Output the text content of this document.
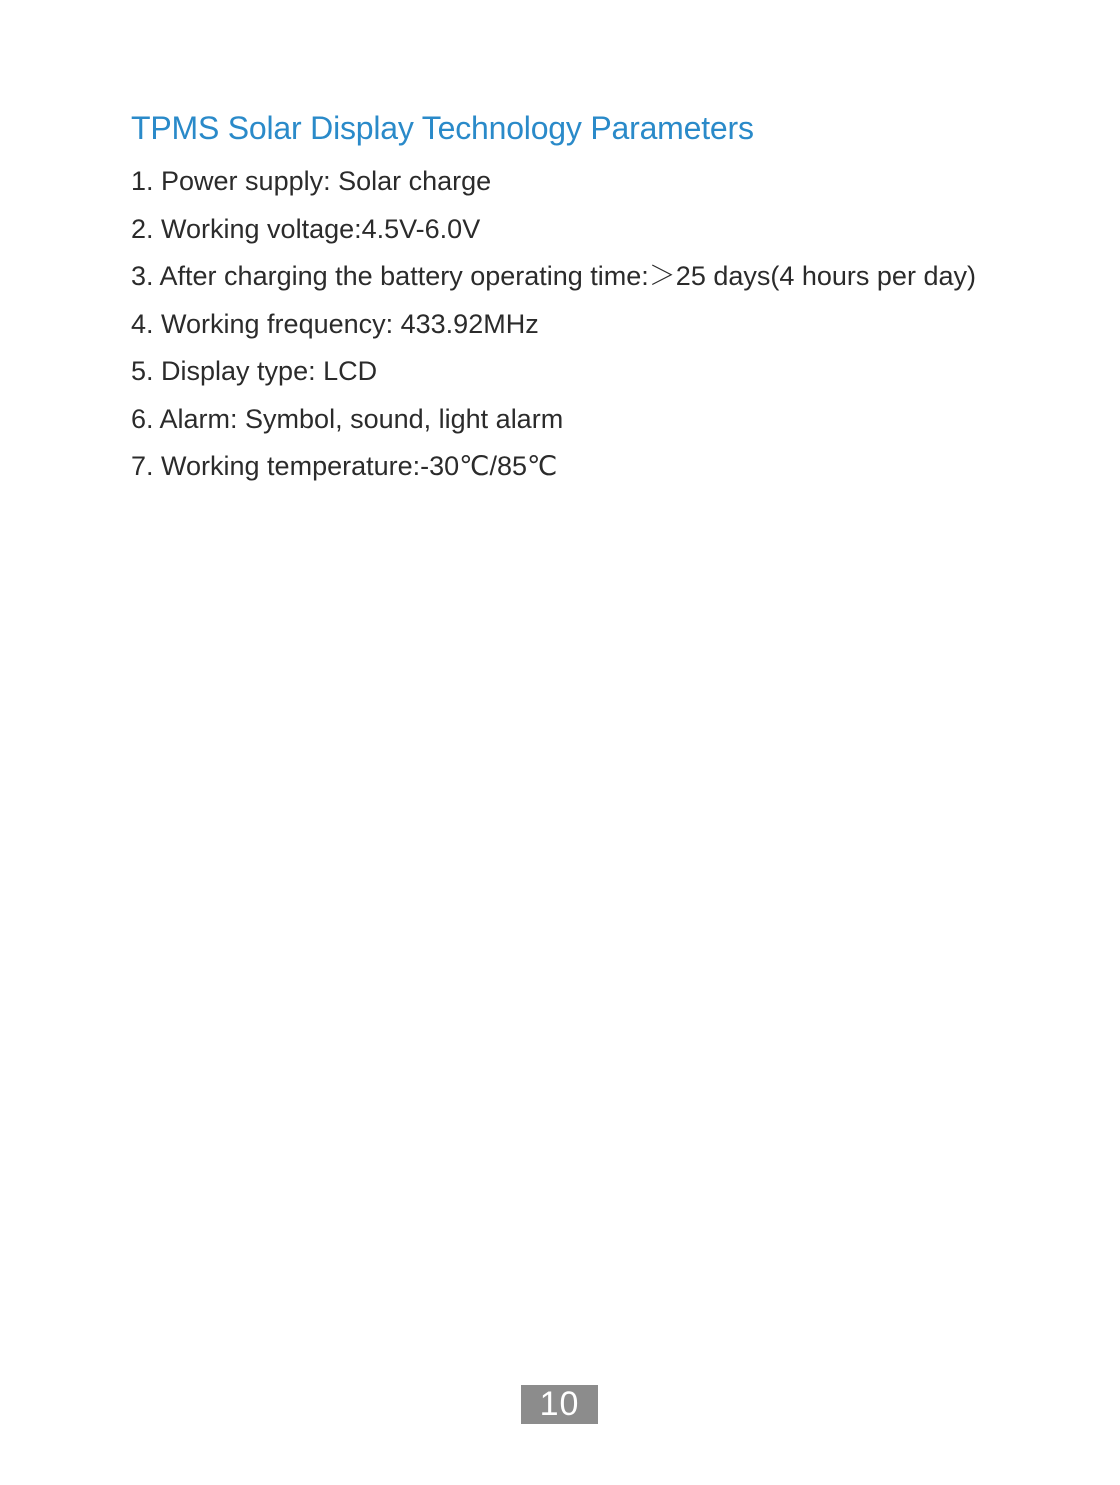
TPMS Solar Display Technology Parameters
1. Power supply: Solar charge
2. Working voltage:4.5V-6.0V
3. After charging the battery operating time:＞25 days(4 hours per day)
4. Working frequency: 433.92MHz
5. Display type: LCD
6. Alarm: Symbol, sound, light alarm
7. Working temperature:-30℃/85℃
10
